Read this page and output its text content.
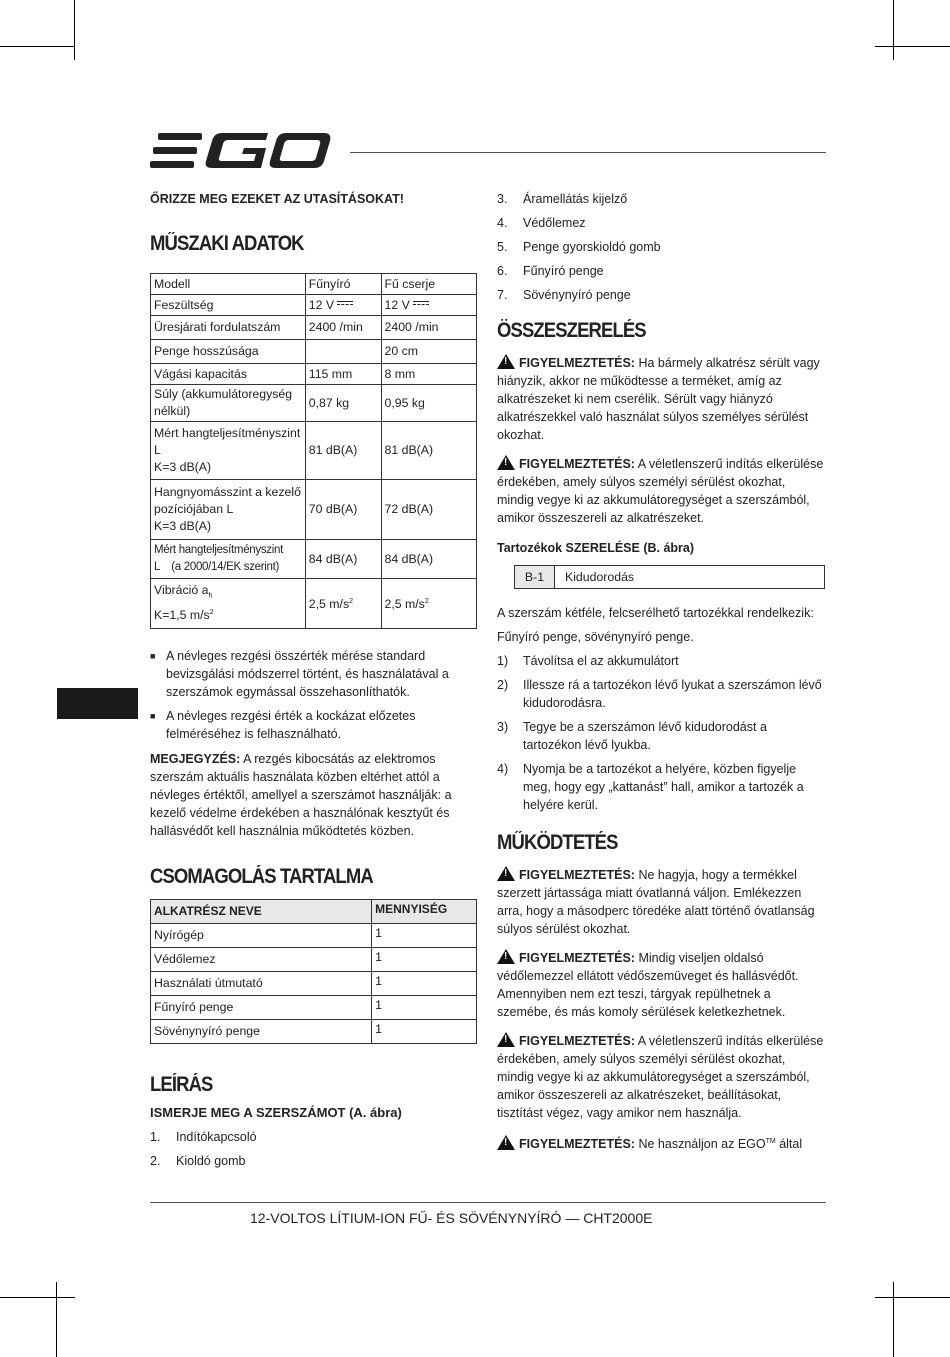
ŐRIZZE MEG EZEKET AZ UTASÍTÁSOKAT!

MŰSZAKI ADATOK
Modell	Fűnyíró	Fű cserje
Feszültség	12 V	12 V

Üresjárati fordulatszám	2400 /min	2400 /min
Penge hosszúsága		20 cm
Vágási kapacitás	115 mm	8 mm
Súly (akkumulátoregység nélkül)	0,87 kg	0,95 kg

Mért hangteljesítményszint
L
K=3 dB(A)	81 dB(A)	81 dB(A)

Hangnyomásszint a kezelő
pozíciójában L
K=3 dB(A)	70 dB(A)	72 dB(A)

Mért hangteljesítményszint
L    (a 2000/14/EK szerint)	84 dB(A)	84 dB(A)

Vibráció $a_h$
K=1,5 $m/s^2$	2,5 $m/s^2$	2,5 $m/s^2$
■ A névleges rezgési összérték mérése standard bevizsgálási módszerrel történt, és használatával a szerszámok egymással összehasonlíthatók.
■ A névleges rezgési érték a kockázat előzetes felméréséhez is felhasználható.

MEGJEGYZÉS: A rezgés kibocsátás az elektromos szerszám aktuális használata közben eltérhet attól a névleges értéktől, amellyel a szerszámot használják: a kezelő védelme érdekében a használónak kesztyűt és hallásvédőt kell használnia működtetés közben.

CSOMAGOLÁS TARTALMA
ALKATRÉSZ NEVE	MENNYISÉG
Nyírógép	1
Védőlemez	1
Használati útmutató	1
Fűnyíró penge	1
Sövénynyíró penge	1
LEÍRÁS

ISMERJE MEG A SZERSZÁMOT (A. ábra)

1.	Indítókapcsoló
2.	Kioldó gomb
3.	Áramellátás kijelző
4.	Védőlemez
5.	Penge gyorskioldó gomb
6.	Fűnyíró penge
7.	Sövénynyíró penge
ÖSSZESZERELÉS

!FIGYELMEZTETÉS: Ha bármely alkatrész sérült vagy hiányzik, akkor ne működtesse a terméket, amíg az alkatrészeket ki nem cserélik. Sérült vagy hiányzó alkatrészekkel való használat súlyos személyes sérülést okozhat.

!FIGYELMEZTETÉS: A véletlenszerű indítás elkerülése érdekében, amely súlyos személyi sérülést okozhat, mindig vegye ki az akkumulátoregységet a szerszámból, amikor összeszereli az alkatrészeket.

Tartozékok SZERELÉSE (B. ábra)

B-1	Kidudorodás

A szerszám kétféle, felcserélhető tartozékkal rendelkezik:

Fűnyíró penge, sövénynyíró penge.

1)	Távolítsa el az akkumulátort
2)	Illessze rá a tartozékon lévő lyukat a szerszámon lévő kidudorodásra.
3)	Tegye be a szerszámon lévő kidudorodást a tartozékon lévő lyukba.
4)	Nyomja be a tartozékot a helyére, közben figyelje meg, hogy egy „kattanást” hall, amikor a tartozék a helyére kerül.
MŰKÖDTETÉS

!FIGYELMEZTETÉS: Ne hagyja, hogy a termékkel szerzett jártassága miatt óvatlanná váljon. Emlékezzen arra, hogy a másodperc töredéke alatt történő óvatlanság súlyos sérülést okozhat.

!FIGYELMEZTETÉS: Mindig viseljen oldalsó védőlemezzel ellátott védőszemüveget és hallásvédőt. Amennyiben nem ezt teszi, tárgyak repülhetnek a szemébe, és más komoly sérülések keletkezhetnek.

!FIGYELMEZTETÉS: A véletlenszerű indítás elkerülése érdekében, amely súlyos személyi sérülést okozhat, mindig vegye ki az akkumulátoregységet a szerszámból, amikor összeszereli az alkatrészeket, beállításokat, tisztítást végez, vagy amikor nem használja.

!FIGYELMEZTETÉS: Ne használjon az EGO™ által

12-VOLTOS LÍTIUM-ION FŰ- ÉS SÖVÉNYNYÍRÓ — CHT2000E
